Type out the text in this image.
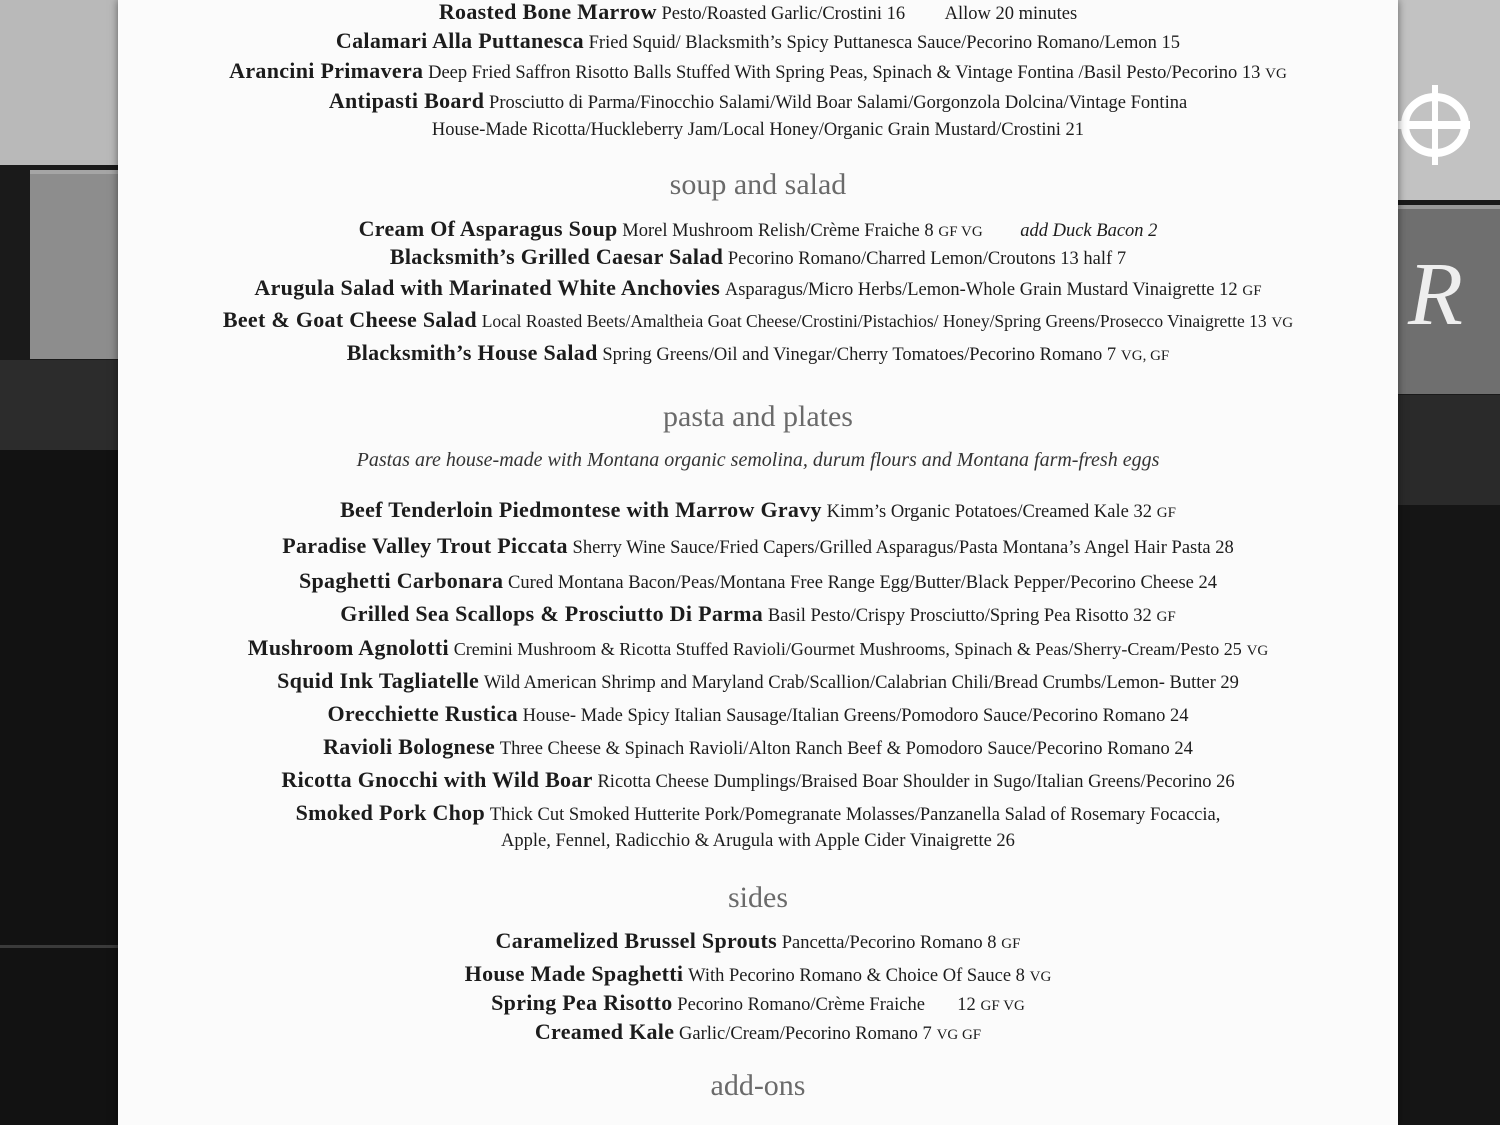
R
Roasted Bone Marrow Pesto/Roasted Garlic/Crostini 16 Allow 20 minutes
Calamari Alla Puttanesca Fried Squid/ Blacksmith’s Spicy Puttanesca Sauce/Pecorino Romano/Lemon 15
Arancini Primavera Deep Fried Saffron Risotto Balls Stuffed With Spring Peas, Spinach & Vintage Fontina /Basil Pesto/Pecorino 13 VG
Antipasti Board Prosciutto di Parma/Finocchio Salami/Wild Boar Salami/Gorgonzola Dolcina/Vintage Fontina
House-Made Ricotta/Huckleberry Jam/Local Honey/Organic Grain Mustard/Crostini 21
soup and salad
Cream Of Asparagus Soup Morel Mushroom Relish/Crème Fraiche 8 GF VG add Duck Bacon 2
Blacksmith’s Grilled Caesar Salad Pecorino Romano/Charred Lemon/Croutons 13 half 7
Arugula Salad with Marinated White Anchovies Asparagus/Micro Herbs/Lemon-Whole Grain Mustard Vinaigrette 12 GF
Beet & Goat Cheese Salad Local Roasted Beets/Amaltheia Goat Cheese/Crostini/Pistachios/ Honey/Spring Greens/Prosecco Vinaigrette 13 VG
Blacksmith’s House Salad Spring Greens/Oil and Vinegar/Cherry Tomatoes/Pecorino Romano 7 VG, GF
pasta and plates
Pastas are house-made with Montana organic semolina, durum flours and Montana farm-fresh eggs
Beef Tenderloin Piedmontese with Marrow Gravy Kimm’s Organic Potatoes/Creamed Kale 32 GF
Paradise Valley Trout Piccata Sherry Wine Sauce/Fried Capers/Grilled Asparagus/Pasta Montana’s Angel Hair Pasta 28
Spaghetti Carbonara Cured Montana Bacon/Peas/Montana Free Range Egg/Butter/Black Pepper/Pecorino Cheese 24
Grilled Sea Scallops & Prosciutto Di Parma Basil Pesto/Crispy Prosciutto/Spring Pea Risotto 32 GF
Mushroom Agnolotti Cremini Mushroom & Ricotta Stuffed Ravioli/Gourmet Mushrooms, Spinach & Peas/Sherry-Cream/Pesto 25 VG
Squid Ink Tagliatelle Wild American Shrimp and Maryland Crab/Scallion/Calabrian Chili/Bread Crumbs/Lemon- Butter 29
Orecchiette Rustica House- Made Spicy Italian Sausage/Italian Greens/Pomodoro Sauce/Pecorino Romano 24
Ravioli Bolognese Three Cheese & Spinach Ravioli/Alton Ranch Beef & Pomodoro Sauce/Pecorino Romano 24
Ricotta Gnocchi with Wild Boar Ricotta Cheese Dumplings/Braised Boar Shoulder in Sugo/Italian Greens/Pecorino 26
Smoked Pork Chop Thick Cut Smoked Hutterite Pork/Pomegranate Molasses/Panzanella Salad of Rosemary Focaccia,
Apple, Fennel, Radicchio & Arugula with Apple Cider Vinaigrette 26
sides
Caramelized Brussel Sprouts Pancetta/Pecorino Romano 8 GF
House Made Spaghetti With Pecorino Romano & Choice Of Sauce 8 VG
Spring Pea Risotto Pecorino Romano/Crème Fraiche       12 GF VG
Creamed Kale Garlic/Cream/Pecorino Romano 7 VG GF
add-ons
